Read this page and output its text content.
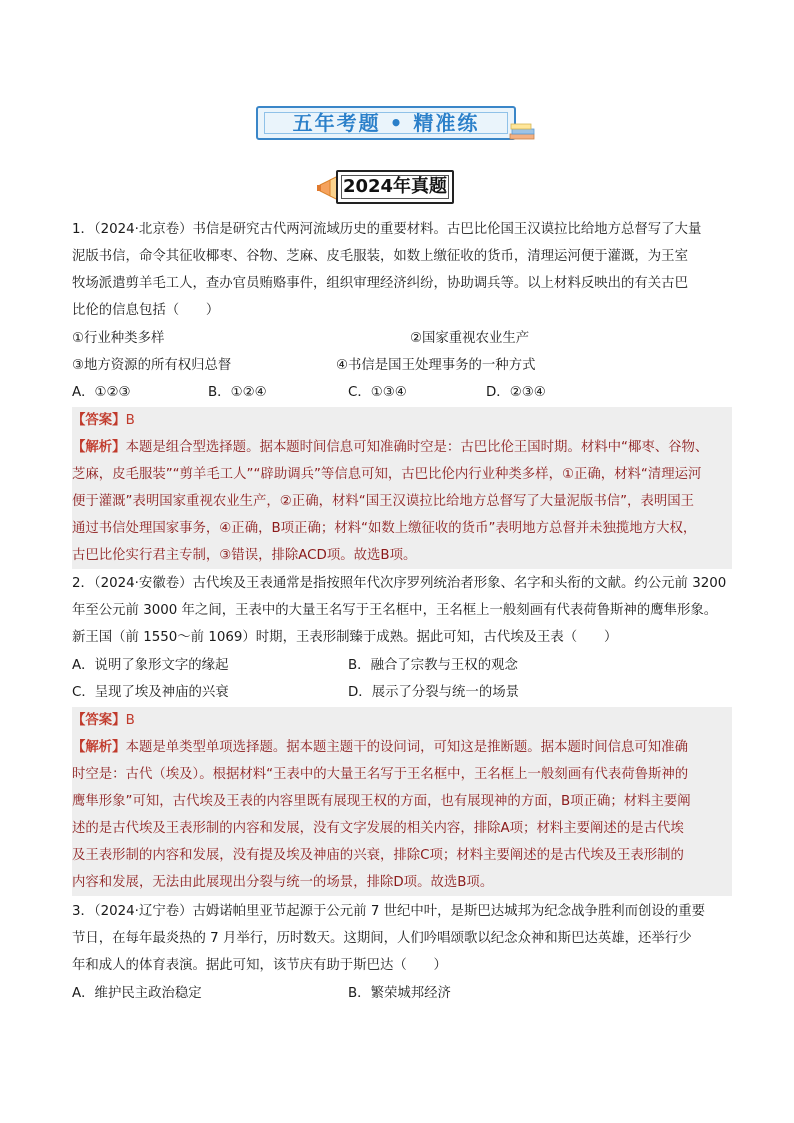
五年考题 • 精准练
2024年真题
1．（2024·北京卷）书信是研究古代两河流域历史的重要材料。古巴比伦国王汉谟拉比给地方总督写了大量
泥版书信，命令其征收椰枣、谷物、芝麻、皮毛服装，如数上缴征收的货币，清理运河便于灌溉，为王室
牧场派遣剪羊毛工人，查办官员贿赂事件，组织审理经济纠纷，协助调兵等。以上材料反映出的有关古巴
比伦的信息包括（　　）
①行业种类多样	②国家重视农业生产
③地方资源的所有权归总督	④书信是国王处理事务的一种方式
A．①②③	B．①②④	C．①③④	D．②③④
【答案】B
【解析】本题是组合型选择题。据本题时间信息可知准确时空是：古巴比伦王国时期。材料中“椰枣、谷物、
芝麻，皮毛服装”“剪羊毛工人”“辟助调兵”等信息可知，古巴比伦内行业种类多样，①正确，材料“清理运河
便于灌溉”表明国家重视农业生产，②正确，材料“国王汉谟拉比给地方总督写了大量泥版书信”，表明国王
通过书信处理国家事务，④正确，B项正确；材料“如数上缴征收的货币”表明地方总督并未独揽地方大权，
古巴比伦实行君主专制，③错误，排除ACD项。故选B项。
2．（2024·安徽卷）古代埃及王表通常是指按照年代次序罗列统治者形象、名字和头衔的文献。约公元前 3200
年至公元前 3000 年之间，王表中的大量王名写于王名框中，王名框上一般刻画有代表荷鲁斯神的鹰隼形象。
新王国（前 1550～前 1069）时期，王表形制臻于成熟。据此可知，古代埃及王表（　　）
A．说明了象形文字的缘起	B．融合了宗教与王权的观念
C．呈现了埃及神庙的兴衰	D．展示了分裂与统一的场景
【答案】B
【解析】本题是单类型单项选择题。据本题主题干的设问词，可知这是推断题。据本题时间信息可知准确
时空是：古代（埃及）。根据材料“王表中的大量王名写于王名框中，王名框上一般刻画有代表荷鲁斯神的
鹰隼形象”可知，古代埃及王表的内容里既有展现王权的方面，也有展现神的方面，B项正确；材料主要阐
述的是古代埃及王表形制的内容和发展，没有文字发展的相关内容，排除A项；材料主要阐述的是古代埃
及王表形制的内容和发展，没有提及埃及神庙的兴衰，排除C项；材料主要阐述的是古代埃及王表形制的
内容和发展，无法由此展现出分裂与统一的场景，排除D项。故选B项。
3．（2024·辽宁卷）古姆诺帕里亚节起源于公元前 7 世纪中叶，是斯巴达城邦为纪念战争胜利而创设的重要
节日，在每年最炎热的 7 月举行，历时数天。这期间，人们吟唱颂歌以纪念众神和斯巴达英雄，还举行少
年和成人的体育表演。据此可知，该节庆有助于斯巴达（　　）
A．维护民主政治稳定	B．繁荣城邦经济
